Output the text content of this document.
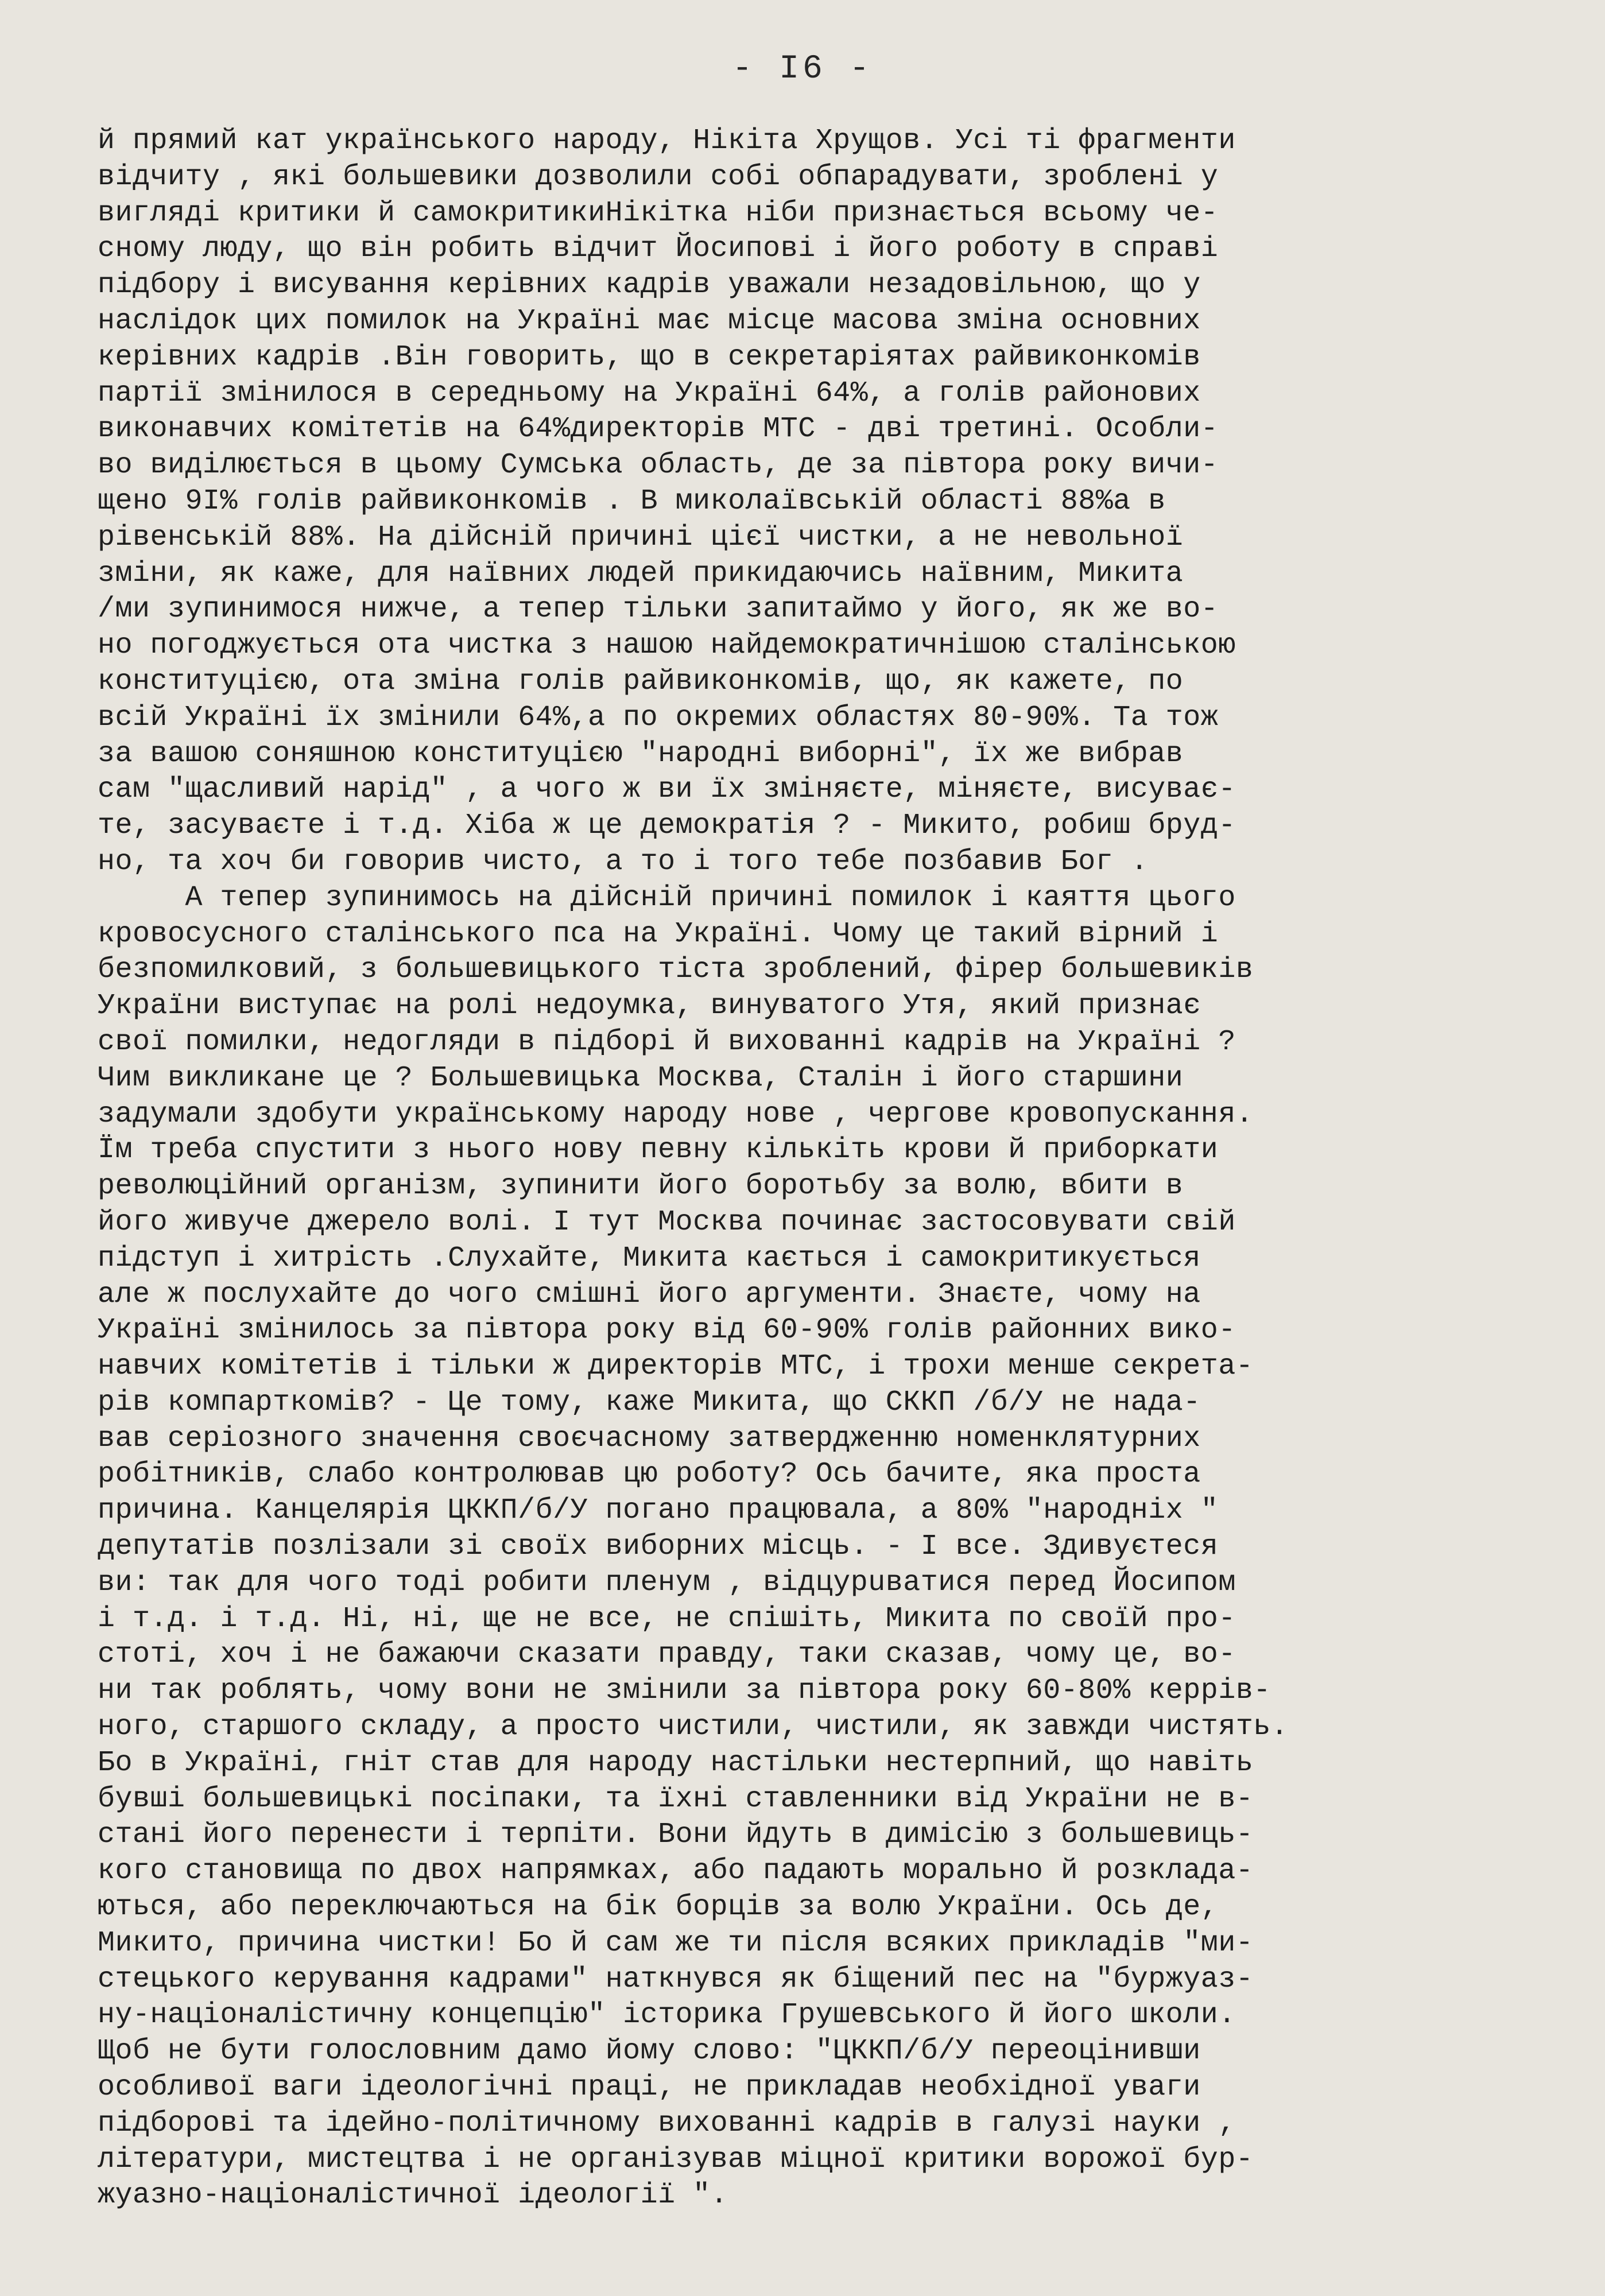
- I6 -
й прямий кат українського народу, Нікіта Хрущов. Усі ті фрагменти
відчиту , які большевики дозволили собі обпарадувати, зроблені у
вигляді критики й самокритикиНікітка ніби признається всьому че-
сному люду, що він робить відчит Йосипові і його роботу в справі
підбору і висування керівних кадрів уважали незадовільною, що у
наслідок цих помилок на Україні має місце масова зміна основних
керівних кадрів .Він говорить, що в секретаріятах райвиконкомів
партії змінилося в середньому на Україні 64%, а голів районових
виконавчих комітетів на 64%директорів МТС - дві третині. Особли-
во виділюється в цьому Сумська область, де за півтора року вичи-
щено 9I% голів райвиконкомів . В миколаївській області 88%а в
рівенській 88%. На дійсній причині цієї чистки, а не невольної
зміни, як каже, для наївних людей прикидаючись наївним, Микита
/ми зупинимося нижче, а тепер тільки запитаймо у його, як же во-
но погоджується ота чистка з нашою найдемократичнішою сталінською
конституцією, ота зміна голів райвиконкомів, що, як кажете, по
всій Україні їх змінили 64%,а по окремих областях 80-90%. Та тож
за вашою соняшною конституцією "народні виборні", їх же вибрав
сам "щасливий нарід" , а чого ж ви їх зміняєте, міняєте, висуває-
те, засуваєте і т.д. Хіба ж це демократія ? - Микито, робиш бруд-
но, та хоч би говорив чисто, а то і того тебе позбавив Бог .
А тепер зупинимось на дійсній причині помилок і каяття цього
кровосусного сталінського пса на Україні. Чому це такий вірний і
безпомилковий, з большевицького тіста зроблений, фірер большевиків
України виступає на ролі недоумка, винуватого Утя, який признає
свої помилки, недогляди в підборі й вихованні кадрів на Україні ?
Чим викликане це ? Большевицька Москва, Сталін і його старшини
задумали здобути українському народу нове , чергове кровопускання.
Їм треба спустити з нього нову певну кількіть крови й приборкати
революційний організм, зупинити його боротьбу за волю, вбити в
його живуче джерело волі. І тут Москва починає застосовувати свій
підступ і хитрість .Слухайте, Микита кається і самокритикується
але ж послухайте до чого смішні його аргументи. Знаєте, чому на
Україні змінилось за півтора року від 60-90% голів районних вико-
навчих комітетів і тільки ж директорів МТС, і трохи менше секрета-
рів компарткомів? - Це тому, каже Микита, що СККП /б/У не нада-
вав серіозного значення своєчасному затвердженню номенклятурних
робітників, слабо контролював цю роботу? Ось бачите, яка проста
причина. Канцелярія ЦККП/б/У погано працювала, а 80% "народніх "
депутатів позлізали зі своїх виборних місць. - І все. Здивуєтеся
ви: так для чого тоді робити пленум , відцурuватися перед Йосипом
і т.д. і т.д. Ні, ні, ще не все, не спішіть, Микита по своїй про-
стоті, хоч і не бажаючи сказати правду, таки сказав, чому це, во-
ни так роблять, чому вони не змінили за півтора року 60-80% керрів-
ного, старшого складу, а просто чистили, чистили, як завжди чистять.
Бо в Україні, гніт став для народу настільки нестерпний, що навіть
бувші большевицькі посіпаки, та їхні ставленники від України не в-
стані його перенести і терпіти. Вони йдуть в димісію з большевиць-
кого становища по двох напрямках, або падають морально й розклада-
ються, або переключаються на бік борців за волю України. Ось де,
Микито, причина чистки! Бо й сам же ти після всяких прикладів "ми-
стецького керування кадрами" наткнувся як біщений пес на "буржуаз-
ну-націоналістичну концепцію" історика Грушевського й його школи.
Щоб не бути голословним дамо йому слово: "ЦККП/б/У переоцінивши
особливої ваги ідеологічні праці, не прикладав необхідної уваги
підборові та ідейно-політичному вихованні кадрів в галузі науки ,
літератури, мистецтва і не організував міцної критики ворожої бур-
жуазно-націоналістичної ідеології ".
